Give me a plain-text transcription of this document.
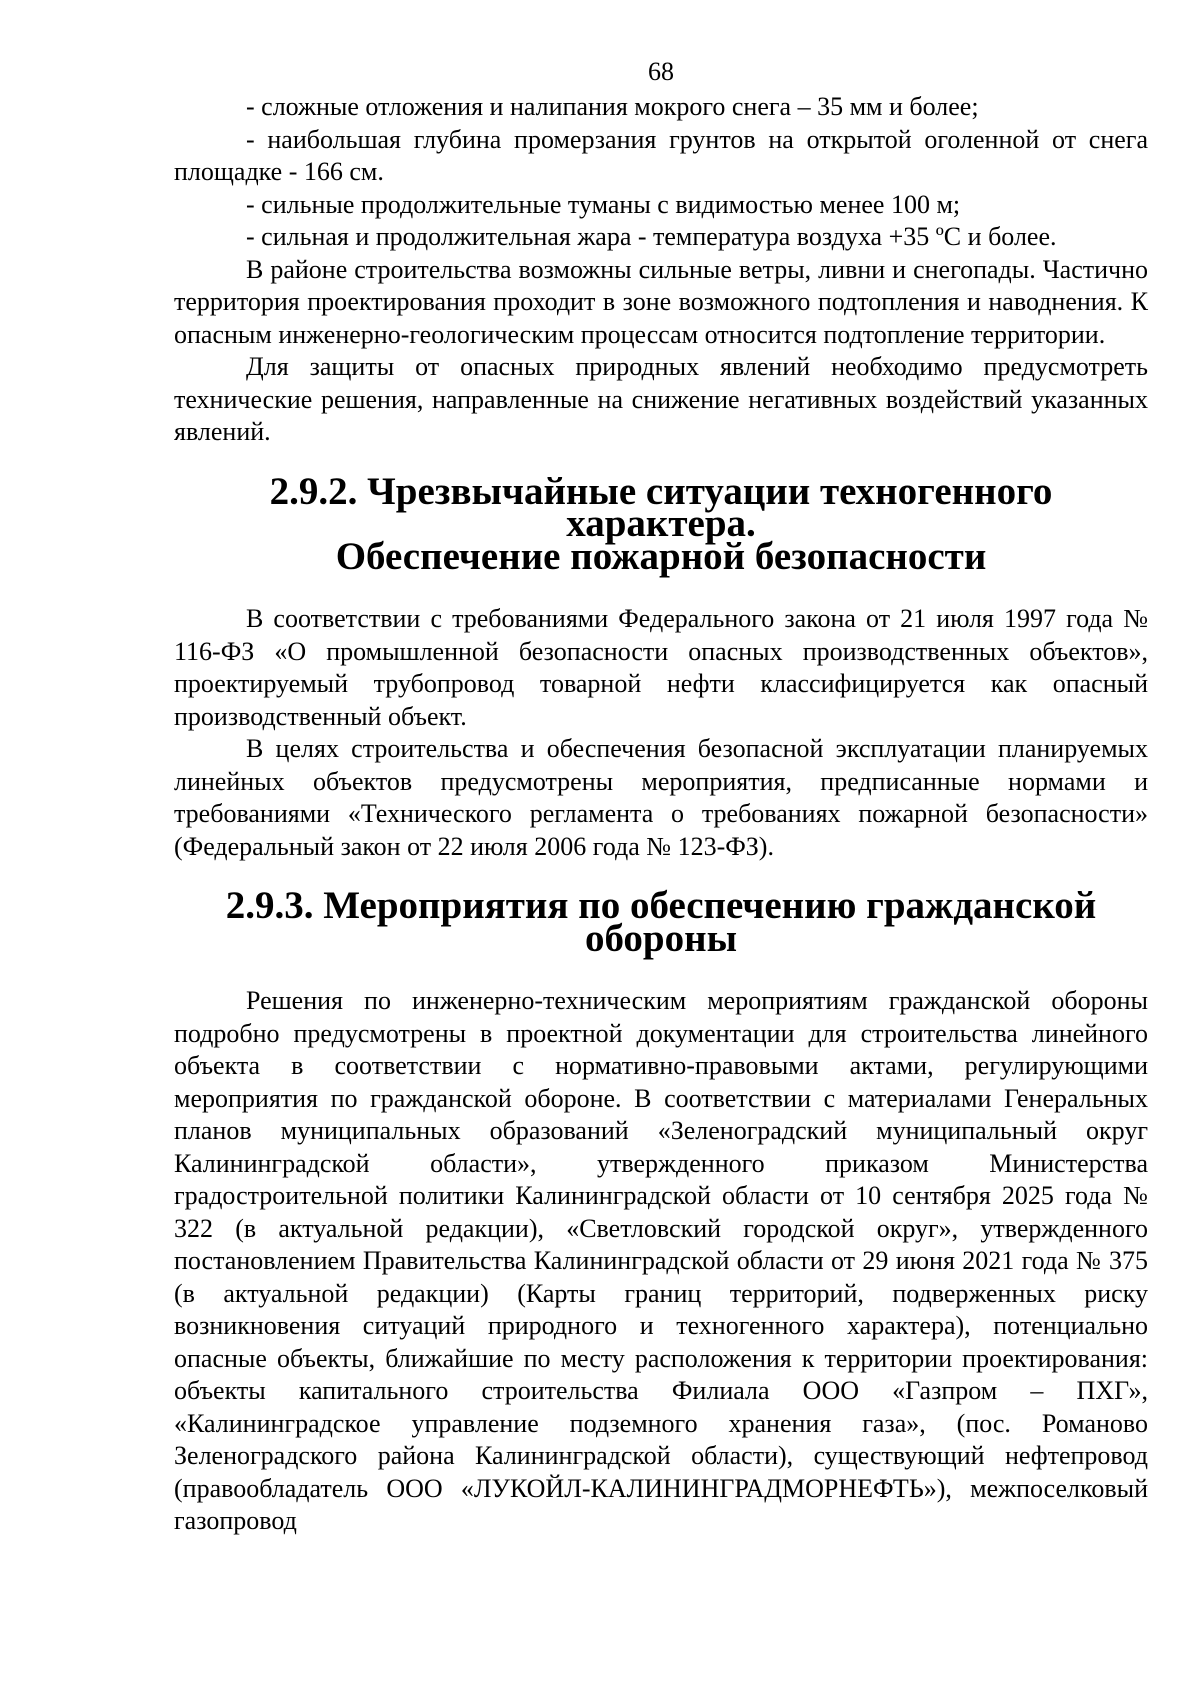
68

- сложные отложения и налипания мокрого снега – 35 мм и более;

- наибольшая глубина промерзания грунтов на открытой оголенной от снега площадке - 166 см.

- сильные продолжительные туманы с видимостью менее 100 м;

- сильная и продолжительная жара - температура воздуха +35 ºС и более.

В районе строительства возможны сильные ветры, ливни и снегопады. Частично территория проектирования проходит в зоне возможного подтопления и наводнения. К опасным инженерно-геологическим процессам относится подтопление территории.

Для защиты от опасных природных явлений необходимо предусмотреть технические решения, направленные на снижение негативных воздействий указанных явлений.

2.9.2. Чрезвычайные ситуации техногенного характера.
Обеспечение пожарной безопасности

В соответствии с требованиями Федерального закона от 21 июля 1997 года № 116-ФЗ «О промышленной безопасности опасных производственных объектов», проектируемый трубопровод товарной нефти классифицируется как опасный производственный объект.

В целях строительства и обеспечения безопасной эксплуатации планируемых линейных объектов предусмотрены мероприятия, предписанные нормами и требованиями «Технического регламента о требованиях пожарной безопасности» (Федеральный закон от 22 июля 2006 года № 123-ФЗ).

2.9.3. Мероприятия по обеспечению гражданской обороны

Решения по инженерно-техническим мероприятиям гражданской обороны подробно предусмотрены в проектной документации для строительства линейного объекта в соответствии с нормативно-правовыми актами, регулирующими мероприятия по гражданской обороне. В соответствии с материалами Генеральных планов муниципальных образований «Зеленоградский муниципальный округ Калининградской области», утвержденного приказом Министерства градостроительной политики Калининградской области от 10 сентября 2025 года № 322 (в актуальной редакции), «Светловский городской округ», утвержденного постановлением Правительства Калининградской области от 29 июня 2021 года № 375 (в актуальной редакции) (Карты границ территорий, подверженных риску возникновения ситуаций природного и техногенного характера), потенциально опасные объекты, ближайшие по месту расположения к территории проектирования: объекты капитального строительства Филиала ООО «Газпром – ПХГ», «Калининградское управление подземного хранения газа», (пос. Романово Зеленоградского района Калининградской области), существующий нефтепровод (правообладатель ООО «ЛУКОЙЛ-КАЛИНИНГРАДМОРНЕФТЬ»), межпоселковый газопровод
